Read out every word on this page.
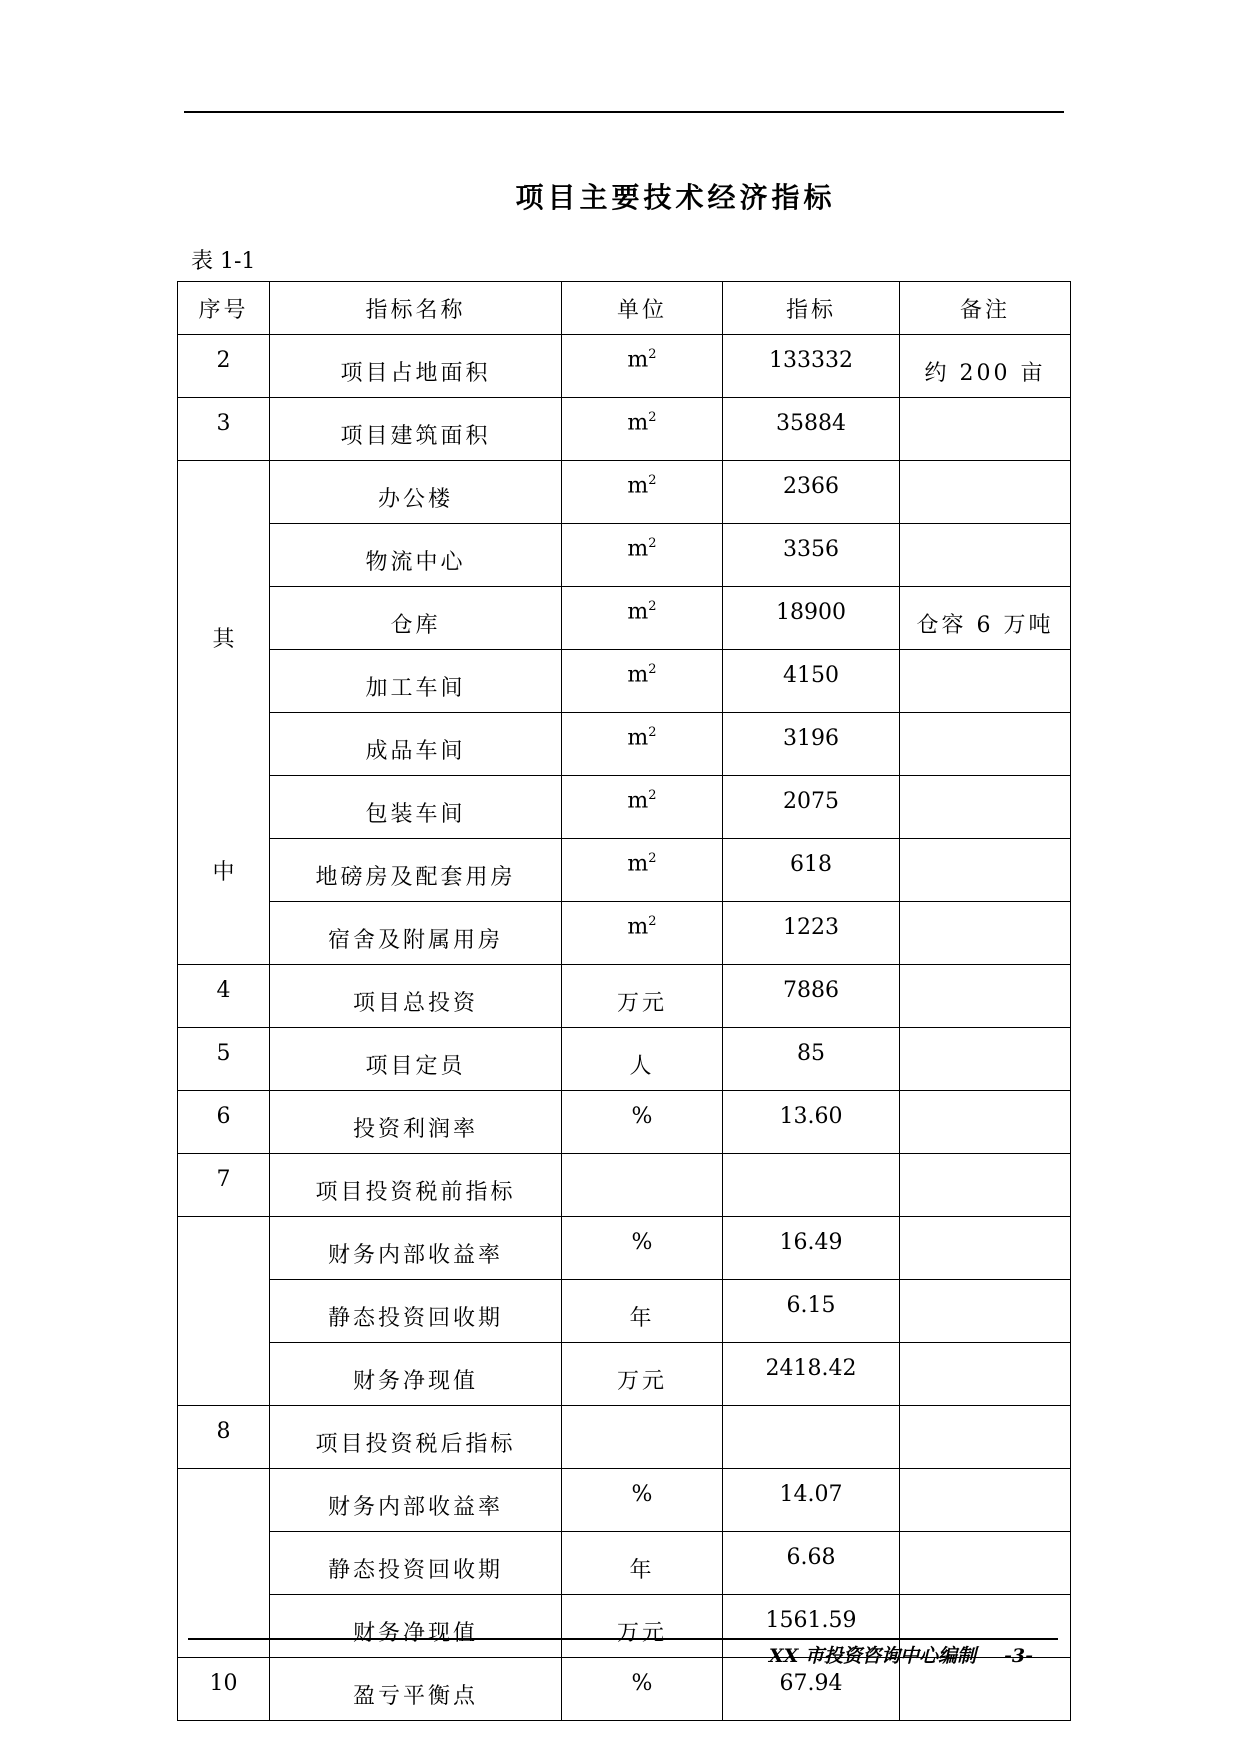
项目主要技术经济指标
表 1-1
序号	指标名称	单位	指标	备注
2	项目占地面积	$m^2$	133332	约 200 亩
3	项目建筑面积	$m^2$	35884	

其
中	办公楼	$m^2$	2366	
	物流中心	$m^2$	3356	
	仓库	$m^2$	18900	仓容 6 万吨
	加工车间	$m^2$	4150	
	成品车间	$m^2$	3196	
	包装车间	$m^2$	2075	
	地磅房及配套用房	$m^2$	618	
	宿舍及附属用房	$m^2$	1223	
4	项目总投资	万元	7886	
5	项目定员	人	85	
6	投资利润率	%	13.60	
7	项目投资税前指标			
	财务内部收益率	%	16.49	
	静态投资回收期	年	6.15	
	财务净现值	万元	2418.42	
8	项目投资税后指标			
	财务内部收益率	%	14.07	
	静态投资回收期	年	6.68	
	财务净现值	万元	1561.59	
10	盈亏平衡点	%	67.94	
XX 市投资咨询中心编制 -3-
